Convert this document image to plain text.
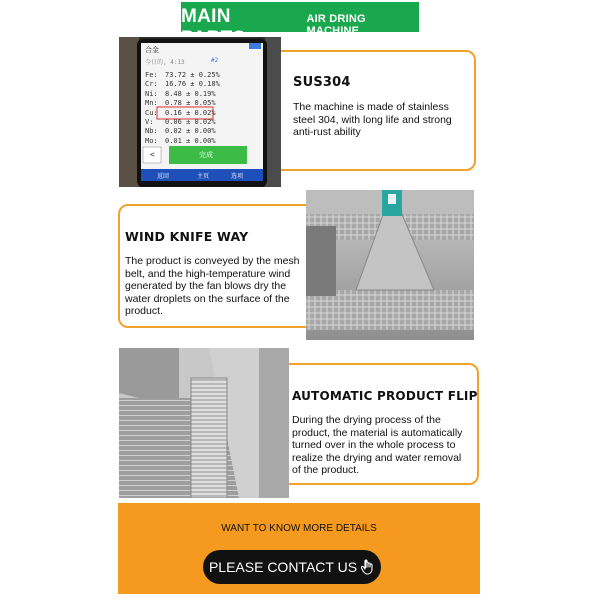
MAIN	AIR DRING MACHINE
合金
今日的, 4:13	#2
Fe: 73.72 ± 0.25%
Cr: 16.76 ± 0.18%
Ni: 8.48 ± 0.19%
Mn: 0.78 ± 0.05%
Cu: 0.16 ± 0.02%
V: 0.06 ± 0.02%
Nb: 0.02 ± 0.00%
Mo: 0.01 ± 0.00%
<	完成
返回	主页	选项
SUS304
The machine is made of stainless
steel 304, with long life and strong
anti-rust ability
WIND KNIFE WAY
The product is conveyed by the mesh
belt, and the high-temperature wind
generated by the fan blows dry the
water droplets on the surface of the
product.
AUTOMATIC PRODUCT FLIP
During the drying process of the
product, the material is automatically
turned over in the whole process to
realize the drying and water removal
of the product.
WANT TO KNOW MORE DETAILS
PLEASE CONTACT US
